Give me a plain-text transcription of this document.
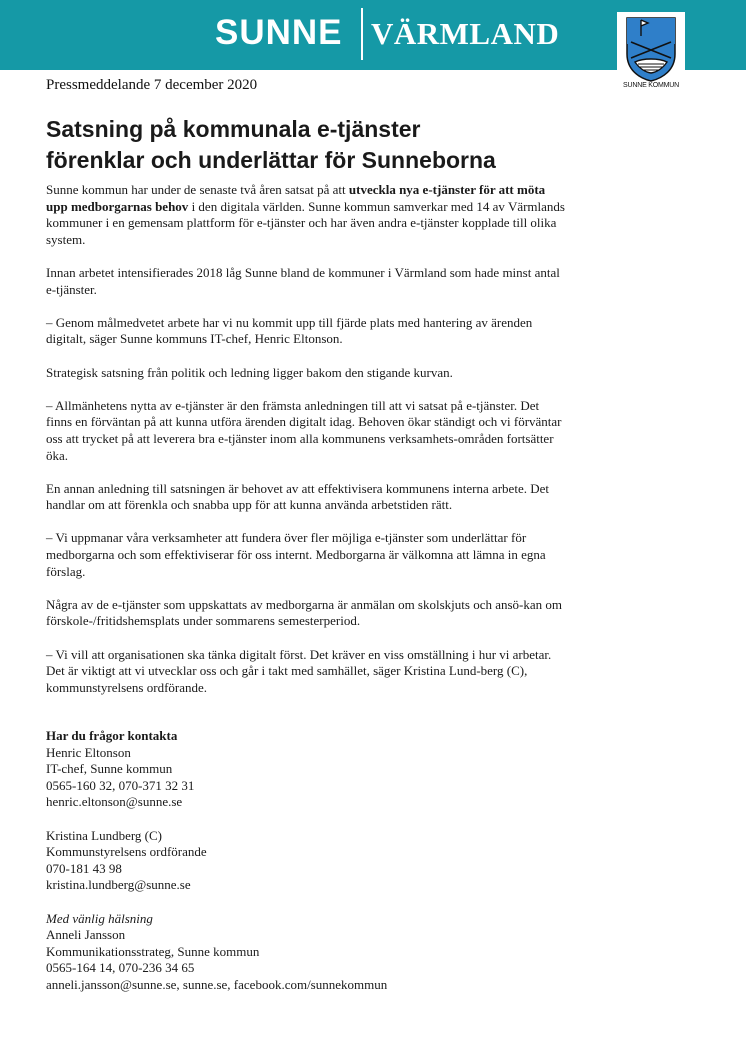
SUNNE VÄRMLAND
SUNNE KOMMUN
Pressmeddelande 7 december 2020
Satsning på kommunala e-tjänster
förenklar och underlättar för Sunneborna

Sunne kommun har under de senaste två åren satsat på att utveckla nya e-tjänster för att möta upp medborgarnas behov i den digitala världen. Sunne kommun samverkar med 14 av Värmlands kommuner i en gemensam plattform för e-tjänster och har även andra e-tjänster kopplade till olika system.

Innan arbetet intensifierades 2018 låg Sunne bland de kommuner i Värmland som hade minst antal e-tjänster.

– Genom målmedvetet arbete har vi nu kommit upp till fjärde plats med hantering av ärenden digitalt, säger Sunne kommuns IT-chef, Henric Eltonson.

Strategisk satsning från politik och ledning ligger bakom den stigande kurvan.

– Allmänhetens nytta av e-tjänster är den främsta anledningen till att vi satsat på e-tjänster. Det finns en förväntan på att kunna utföra ärenden digitalt idag. Behoven ökar ständigt och vi förväntar oss att trycket på att leverera bra e-tjänster inom alla kommunens verksamhets-områden fortsätter öka.

En annan anledning till satsningen är behovet av att effektivisera kommunens interna arbete. Det handlar om att förenkla och snabba upp för att kunna använda arbetstiden rätt.

– Vi uppmanar våra verksamheter att fundera över fler möjliga e-tjänster som underlättar för medborgarna och som effektiviserar för oss internt. Medborgarna är välkomna att lämna in egna förslag.

Några av de e-tjänster som uppskattats av medborgarna är anmälan om skolskjuts och ansö-kan om förskole-/fritidshemsplats under sommarens semesterperiod.

– Vi vill att organisationen ska tänka digitalt först. Det kräver en viss omställning i hur vi arbetar. Det är viktigt att vi utvecklar oss och går i takt med samhället, säger Kristina Lund-berg (C), kommunstyrelsens ordförande.

Har du frågor kontakta
Henric Eltonson
IT-chef, Sunne kommun
0565-160 32, 070-371 32 31
henric.eltonson@sunne.se
Kristina Lundberg (C)
Kommunstyrelsens ordförande
070-181 43 98
kristina.lundberg@sunne.se
Med vänlig hälsning
Anneli Jansson
Kommunikationsstrateg, Sunne kommun
0565-164 14, 070-236 34 65
anneli.jansson@sunne.se, sunne.se, facebook.com/sunnekommun
